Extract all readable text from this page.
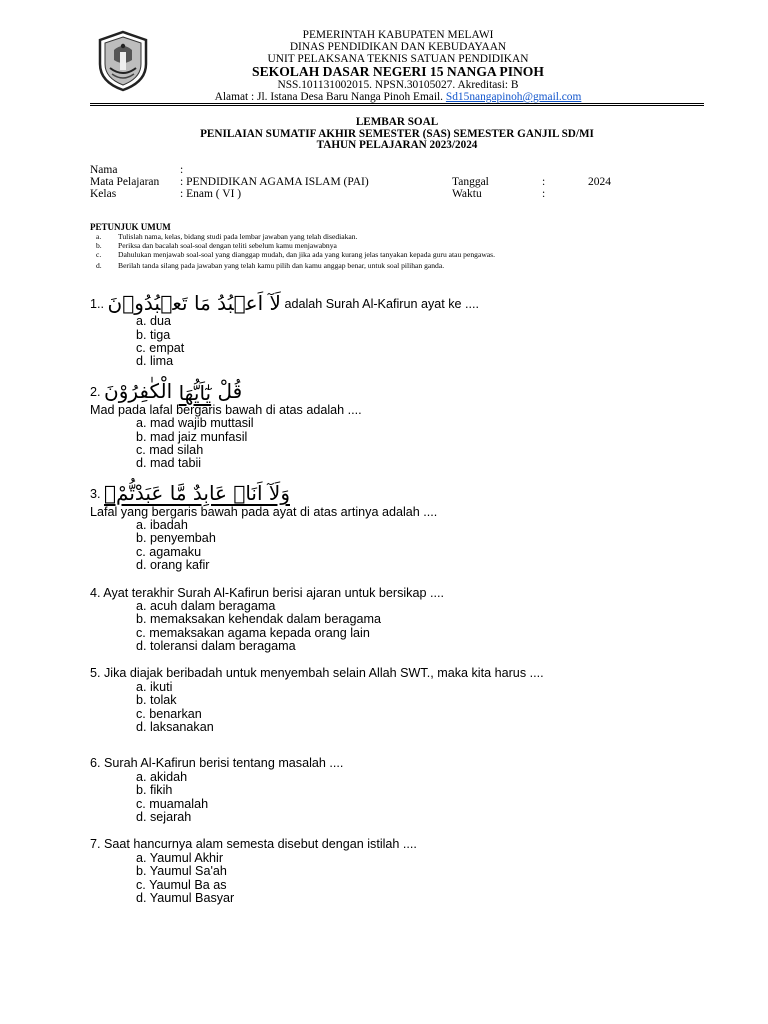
PEMERINTAH KABUPATEN MELAWI
DINAS PENDIDIKAN DAN KEBUDAYAAN
UNIT PELAKSANA TEKNIS SATUAN PENDIDIKAN
SEKOLAH DASAR NEGERI 15 NANGA PINOH
NSS.101131002015. NPSN.30105027. Akreditasi: B
Alamat : Jl. Istana Desa Baru Nanga Pinoh Email. Sd15nangapinoh@gmail.com
LEMBAR SOAL
PENILAIAN SUMATIF AKHIR SEMESTER (SAS) SEMESTER GANJIL SD/MI
TAHUN PELAJARAN 2023/2024
Nama	:
Mata Pelajaran : PENDIDIKAN AGAMA ISLAM (PAI)
Kelas	: Enam ( VI )
Tanggal	:	2024
Waktu	:
PETUNJUK UMUM
a. Tulislah nama, kelas, bidang studi pada lembar jawaban yang telah disediakan.
b. Periksa dan bacalah soal-soal dengan teliti sebelum kamu menjawabnya
c. Dahulukan menjawab soal-soal yang dianggap mudah, dan jika ada yang kurang jelas tanyakan kepada guru atau pengawas.
d. Berilah tanda silang pada jawaban yang telah kamu pilih dan kamu anggap benar, untuk soal pilihan ganda.
1.. لَآ اَعۡبُدُ مَا تَعۡبُدُوۡنَ adalah Surah Al-Kafirun ayat ke ....
a. dua
b. tiga
c. empat
d. lima
2.	قُلْ يٰٓاَيُّهَا الْكٰفِرُوْنَ
Mad pada lafal bergaris bawah di atas adalah ....
a. mad wajib muttasil
b. mad jaiz munfasil
c. mad silah
d. mad tabii
3. وَلَآ اَنَا۠ عَابِدٌ مَّا عَبَدْتُّمْۙ
Lafal yang bergaris bawah pada ayat di atas artinya adalah ....
a. ibadah
b. penyembah
c. agamaku
d. orang kafir
4. Ayat terakhir Surah Al-Kafirun berisi ajaran untuk bersikap ....
a. acuh dalam beragama
b. memaksakan kehendak dalam beragama
c. memaksakan agama kepada orang lain
d. toleransi dalam beragama
5. Jika diajak beribadah untuk menyembah selain Allah SWT., maka kita harus ....
a. ikuti
b. tolak
c. benarkan
d. laksanakan
6. Surah Al-Kafirun berisi tentang masalah ....
a. akidah
b. fikih
c. muamalah
d. sejarah
7. Saat hancurnya alam semesta disebut dengan istilah ....
a. Yaumul Akhir
b. Yaumul Sa'ah
c. Yaumul Ba as
d. Yaumul Basyar
